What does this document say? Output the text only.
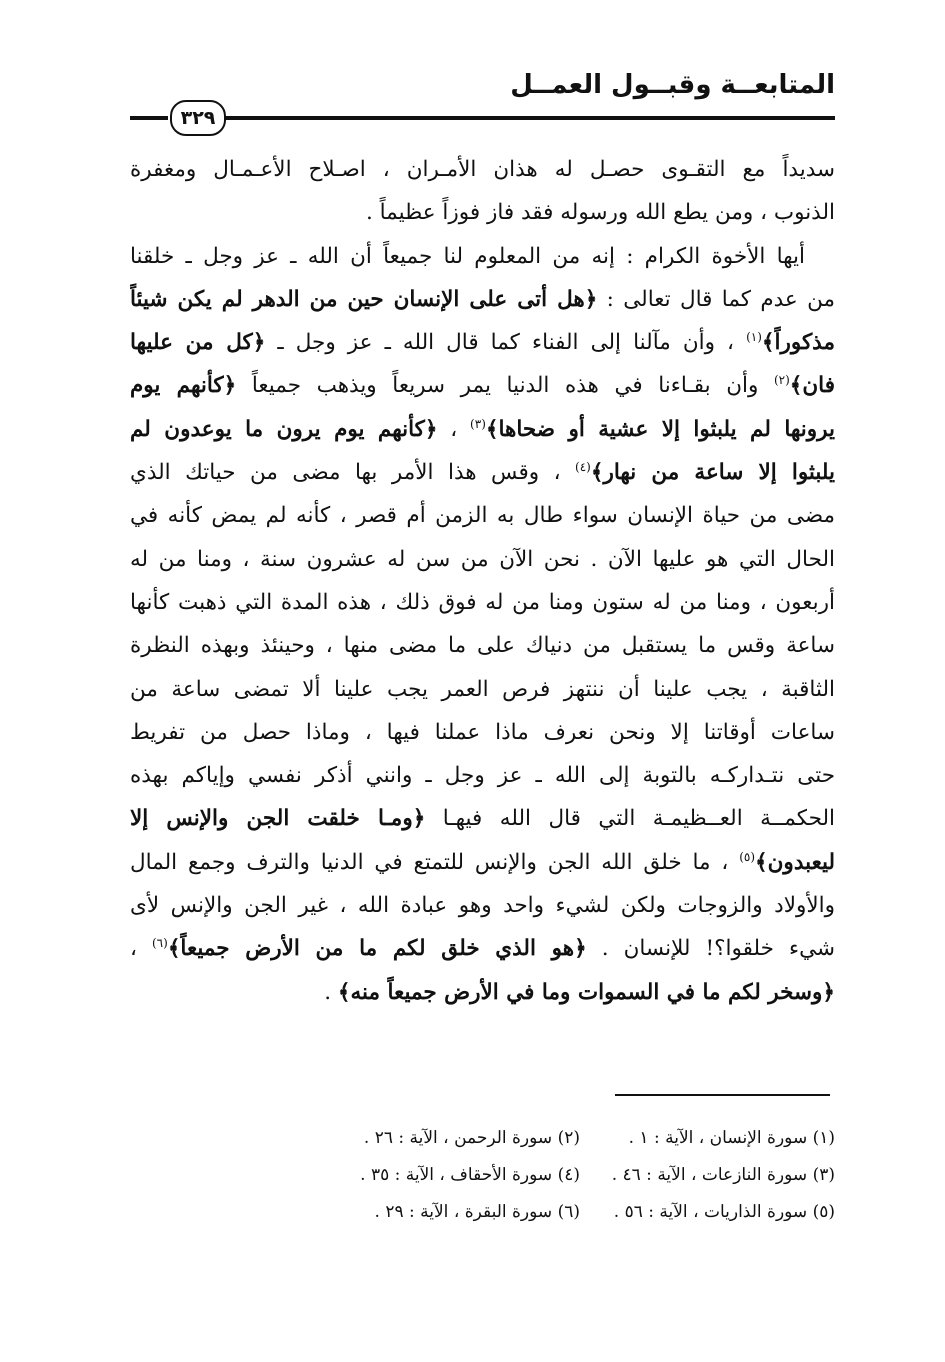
المتابعــة وقبــول العمــل
٣٢٩
سديداً مع التقـوى حصـل له هذان الأمـران ، اصـلاح الأعـمـال ومغفرة
الذنوب ، ومن يطع الله ورسوله فقد فاز فوزاً عظيماً .
أيها الأخوة الكرام : إنه من المعلوم لنا جميعاً أن الله ـ عز وجل ـ خلقنا
من عدم كما قال تعالى : ﴿هل أتى على الإنسان حين من الدهر لم يكن شيئاً
مذكوراً﴾$^{(١)}$ ، وأن مآلنا إلى الفناء كما قال الله ـ عز وجل ـ ﴿كل من عليها
فان﴾$^{(٢)}$ وأن بقـاءنا في هذه الدنيا يمر سريعاً ويذهب جميعاً ﴿كأنهم يوم
يرونها لم يلبثوا إلا عشية أو ضحاها﴾$^{(٣)}$ ، ﴿كأنهم يوم يرون ما يوعدون لم
يلبثوا إلا ساعة من نهار﴾$^{(٤)}$ ، وقس هذا الأمر بها مضى من حياتك الذي
مضى من حياة الإنسان سواء طال به الزمن أم قصر ، كأنه لم يمض كأنه في
الحال التي هو عليها الآن . نحن الآن من سن له عشرون سنة ، ومنا من له
أربعون ، ومنا من له ستون ومنا من له فوق ذلك ، هذه المدة التي ذهبت كأنها
ساعة وقس ما يستقبل من دنياك على ما مضى منها ، وحينئذ وبهذه النظرة
الثاقبة ، يجب علينا أن ننتهز فرص العمر يجب علينا ألا تمضى ساعة من
ساعات أوقاتنا إلا ونحن نعرف ماذا عملنا فيها ، وماذا حصل من تفريط
حتى نتـداركـه بالتوبة إلى الله ـ عز وجل ـ وانني أذكر نفسي وإياكم بهذه
الحكمــة العــظيمـة التي قال الله فيهـا ﴿ومـا خلقت الجن والإنس إلا
ليعبدون﴾$^{(٥)}$ ، ما خلق الله الجن والإنس للتمتع في الدنيا والترف وجمع المال
والأولاد والزوجات ولكن لشيء واحد وهو عبادة الله ، غير الجن والإنس لأى
شيء خلقوا؟! للإنسان . ﴿هو الذي خلق لكم ما من الأرض جميعاً﴾$^{(٦)}$ ،
﴿وسخر لكم ما في السموات وما في الأرض جميعاً منه﴾ .
(١) سورة الإنسان ، الآية : ١ .(٢) سورة الرحمن ، الآية : ٢٦ .
(٣) سورة النازعات ، الآية : ٤٦ .(٤) سورة الأحقاف ، الآية : ٣٥ .
(٥) سورة الذاريات ، الآية : ٥٦ .(٦) سورة البقرة ، الآية : ٢٩ .
